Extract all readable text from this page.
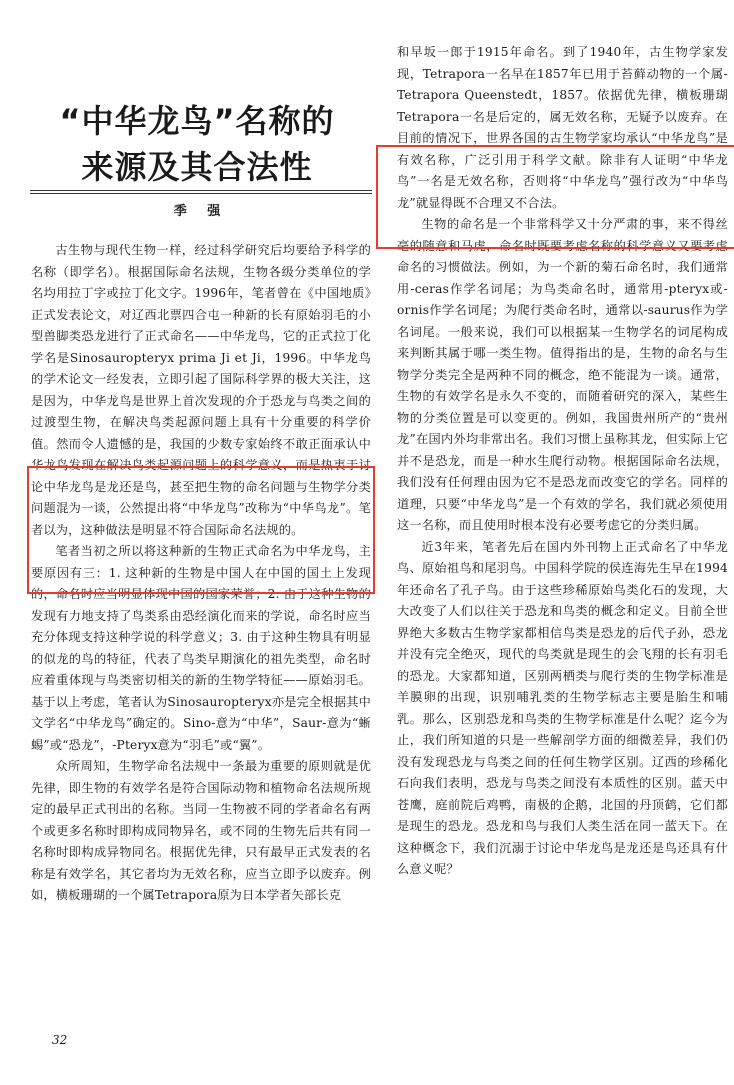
“中华龙鸟”名称的
来源及其合法性
季 强

古生物与现代生物一样，经过科学研究后均要给予科学的名称（即学名）。根据国际命名法规，生物各级分类单位的学名均用拉丁字或拉丁化文字。1996年，笔者曾在《中国地质》正式发表论文，对辽西北票四合屯一种新的长有原始羽毛的小型兽脚类恐龙进行了正式命名——中华龙鸟，它的正式拉丁化学名是Sinosauropteryx prima Ji et Ji，1996。中华龙鸟的学术论文一经发表，立即引起了国际科学界的极大关注，这是因为，中华龙鸟是世界上首次发现的介于恐龙与鸟类之间的过渡型生物，在解决鸟类起源问题上具有十分重要的科学价值。然而令人遗憾的是，我国的少数专家始终不敢正面承认中华龙鸟发现在解决鸟类起源问题上的科学意义，而是热衷于讨论中华龙鸟是龙还是鸟，甚至把生物的命名问题与生物学分类问题混为一谈，公然提出将“中华龙鸟”改称为“中华鸟龙”。笔者以为，这种做法是明显不符合国际命名法规的。

笔者当初之所以将这种新的生物正式命名为中华龙鸟，主要原因有三：1. 这种新的生物是中国人在中国的国土上发现的，命名时应当明显体现中国的国家荣誉；2. 由于这种生物的发现有力地支持了鸟类系由恐经演化而来的学说，命名时应当充分体现支持这种学说的科学意义；3. 由于这种生物具有明显的似龙的鸟的特征，代表了鸟类早期演化的祖先类型，命名时应着重体现与鸟类密切相关的新的生物学特征——原始羽毛。基于以上考虑，笔者认为Sinosauropteryx亦是完全根据其中文学名“中华龙鸟”确定的。Sino-意为“中华”，Saur-意为“蜥蜴”或“恐龙”，-Pteryx意为“羽毛”或“翼”。

众所周知，生物学命名法规中一条最为重要的原则就是优先律，即生物的有效学名是符合国际动物和植物命名法规所规定的最早正式刊出的名称。当同一生物被不同的学者命名有两个或更多名称时即构成同物异名，或不同的生物先后共有同一名称时即构成异物同名。根据优先律，只有最早正式发表的名称是有效学名，其它者均为无效名称，应当立即予以废弃。例如，横板珊瑚的一个属Tetrapora原为日本学者矢部长克

和早坂一郎于1915年命名。到了1940年，古生物学家发现，Tetrapora一名早在1857年已用于苔藓动物的一个属-Tetrapora Queenstedt，1857。依据优先律，横板珊瑚Tetrapora一名是后定的，属无效名称，无疑予以废弃。在目前的情况下，世界各国的古生物学家均承认“中华龙鸟”是有效名称，广泛引用于科学文献。除非有人证明“中华龙鸟”一名是无效名称，否则将“中华龙鸟”强行改为“中华鸟龙”就显得既不合理又不合法。

生物的命名是一个非常科学又十分严肃的事，来不得丝毫的随意和马虎，命名时既要考虑名称的科学意义又要考虑命名的习惯做法。例如，为一个新的菊石命名时，我们通常用-ceras作学名词尾；为鸟类命名时，通常用-pteryx或-ornis作学名词尾；为爬行类命名时，通常以-saurus作为学名词尾。一般来说，我们可以根据某一生物学名的词尾构成来判断其属于哪一类生物。值得指出的是，生物的命名与生物学分类完全是两种不同的概念，绝不能混为一谈。通常，生物的有效学名是永久不变的，而随着研究的深入，某些生物的分类位置是可以变更的。例如，我国贵州所产的“贵州龙”在国内外均非常出名。我们习惯上虽称其龙，但实际上它并不是恐龙，而是一种水生爬行动物。根据国际命名法规，我们没有任何理由因为它不是恐龙而改变它的学名。同样的道理，只要“中华龙鸟”是一个有效的学名，我们就必须使用这一名称，而且使用时根本没有必要考虑它的分类归属。

近3年来，笔者先后在国内外刊物上正式命名了中华龙鸟、原始祖鸟和尾羽鸟。中国科学院的侯连海先生早在1994年还命名了孔子鸟。由于这些珍稀原始鸟类化石的发现，大大改变了人们以往关于恐龙和鸟类的概念和定义。目前全世界绝大多数古生物学家都相信鸟类是恐龙的后代子孙，恐龙并没有完全绝灭，现代的鸟类就是现生的会飞翔的长有羽毛的恐龙。大家都知道，区别两栖类与爬行类的生物学标准是羊膜卵的出现，识别哺乳类的生物学标志主要是胎生和哺乳。那么，区别恐龙和鸟类的生物学标准是什么呢？迄今为止，我们所知道的只是一些解剖学方面的细微差异，我们仍没有发现恐龙与鸟类之间的任何生物学区别。辽西的珍稀化石向我们表明，恐龙与鸟类之间没有本质性的区别。蓝天中苍鹰，庭前院后鸡鸭，南极的企鹅，北国的丹顶鹤，它们都是现生的恐龙。恐龙和鸟与我们人类生活在同一蓝天下。在这种概念下，我们沉溺于讨论中华龙鸟是龙还是鸟还具有什么意义呢？

32
